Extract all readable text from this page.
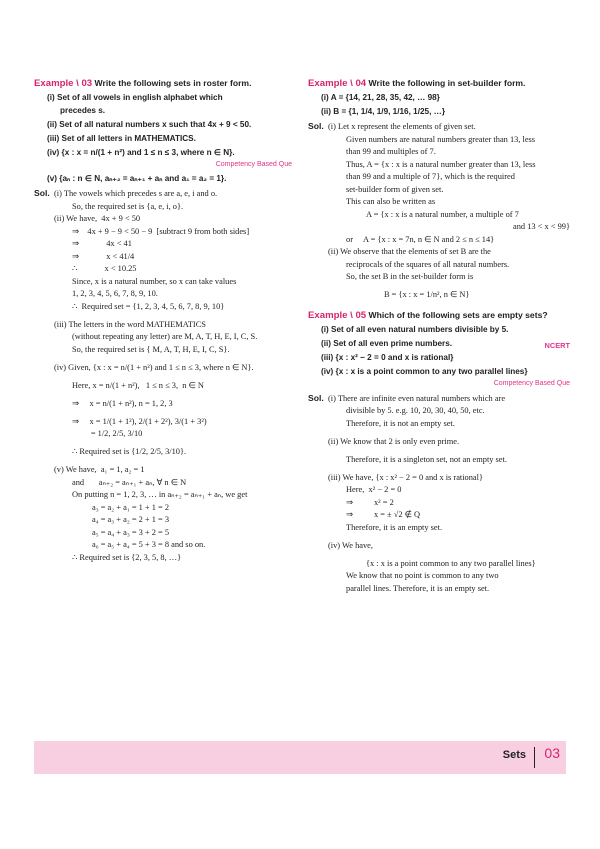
Example \ 03 Write the following sets in roster form.
(i) Set of all vowels in english alphabet which
precedes s.
(ii) Set of all natural numbers x such that 4x + 9 < 50.
(iii) Set of all letters in MATHEMATICS.
(iv) {x : x = n/(1 + n²) and 1 ≤ n ≤ 3, where n ∈ N}.
Competency Based Que
(v) {aₙ : n ∈ N, aₙ₊₂ = aₙ₊₁ + aₙ and a₁ = a₂ = 1}.
Sol. (i) The vowels which precedes s are a, e, i and o.
So, the required set is {a, e, i, o}.
(ii) We have,  4x + 9 < 50
⇒    4x + 9 − 9 < 50 − 9  [subtract 9 from both sides]
⇒             4x < 41
⇒             x < 41/4
∴             x < 10.25
Since, x is a natural number, so x can take values
1, 2, 3, 4, 5, 6, 7, 8, 9, 10.
∴  Required set = {1, 2, 3, 4, 5, 6, 7, 8, 9, 10}
(iii) The letters in the word MATHEMATICS
(without repeating any letter) are M, A, T, H, E, I, C, S.
So, the required set is { M, A, T, H, E, I, C, S}.
(iv) Given, {x : x = n/(1 + n²) and 1 ≤ n ≤ 3, where n ∈ N}.
Here, x = n/(1 + n²),   1 ≤ n ≤ 3,  n ∈ N
⇒     x = n/(1 + n²), n = 1, 2, 3
⇒     x = 1/(1 + 1²), 2/(1 + 2²), 3/(1 + 3²)
= 1/2, 2/5, 3/10
∴ Required set is {1/2, 2/5, 3/10}.
(v) We have,  a₁ = 1, a₂ = 1
and       aₙ₊₂ = aₙ₊₁ + aₙ, ∀ n ∈ N
On putting n = 1, 2, 3, … in aₙ₊₂ = aₙ₊₁ + aₙ, we get
a₃ = a₂ + a₁ = 1 + 1 = 2
a₄ = a₃ + a₂ = 2 + 1 = 3
a₅ = a₄ + a₃ = 3 + 2 = 5
a₆ = a₅ + a₄ = 5 + 3 = 8 and so on.
∴ Required set is {2, 3, 5, 8, …}
Example \ 04 Write the following in set-builder form.
(i) A = {14, 21, 28, 35, 42, … 98}
(ii) B = {1, 1/4, 1/9, 1/16, 1/25, …}
Sol. (i) Let x represent the elements of given set.
Given numbers are natural numbers greater than 13, less
than 99 and multiples of 7.
Thus, A = {x : x is a natural number greater than 13, less
than 99 and a multiple of 7}, which is the required
set-builder form of given set.
This can also be written as
A = {x : x is a natural number, a multiple of 7
and 13 < x < 99}
or     A = {x : x = 7n, n ∈ N and 2 ≤ n ≤ 14}
(ii) We observe that the elements of set B are the
reciprocals of the squares of all natural numbers.
So, the set B in the set-builder form is
B = {x : x = 1/n², n ∈ N}
Example \ 05 Which of the following sets are empty sets?
(i) Set of all even natural numbers divisible by 5.
(ii) Set of all even prime numbers.	NCERT
(iii) {x : x² − 2 = 0 and x is rational}
(iv) {x : x is a point common to any two parallel lines}
Competency Based Que
Sol. (i) There are infinite even natural numbers which are
divisible by 5. e.g. 10, 20, 30, 40, 50, etc.
Therefore, it is not an empty set.
(ii) We know that 2 is only even prime.
Therefore, it is a singleton set, not an empty set.
(iii) We have, {x : x² − 2 = 0 and x is rational}
Here,  x² − 2 = 0
⇒          x² = 2
⇒          x = ± √2 ∉ Q
Therefore, it is an empty set.
(iv) We have,
{x : x is a point common to any two parallel lines}
We know that no point is common to any two
parallel lines. Therefore, it is an empty set.
Sets 03
